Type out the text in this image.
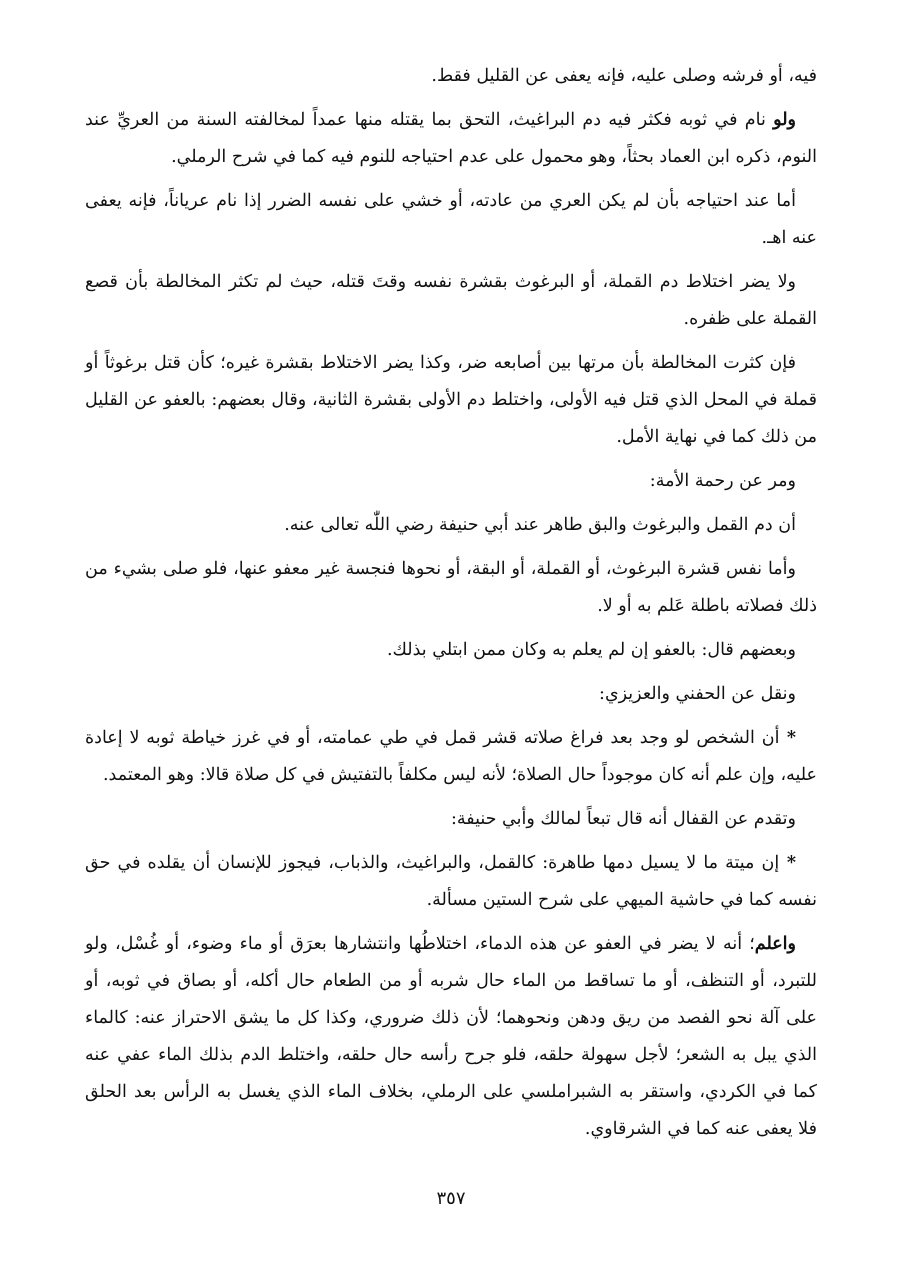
فيه، أو فرشه وصلى عليه، فإنه يعفى عن القليل فقط.

ولو نام في ثوبه فكثر فيه دم البراغيث، التحق بما يقتله منها عمداً لمخالفته السنة من العريِّ عند النوم، ذكره ابن العماد بحثاً، وهو محمول على عدم احتياجه للنوم فيه كما في شرح الرملي.

أما عند احتياجه بأن لم يكن العري من عادته، أو خشي على نفسه الضرر إذا نام عرياناً، فإنه يعفى عنه اهـ.

ولا يضر اختلاط دم القملة، أو البرغوث بقشرة نفسه وقتَ قتله، حيث لم تكثر المخالطة بأن قصع القملة على ظفره.

فإن كثرت المخالطة بأن مرتها بين أصابعه ضر، وكذا يضر الاختلاط بقشرة غيره؛ كأن قتل برغوثاً أو قملة في المحل الذي قتل فيه الأولى، واختلط دم الأولى بقشرة الثانية، وقال بعضهم: بالعفو عن القليل من ذلك كما في نهاية الأمل.

ومر عن رحمة الأمة:

أن دم القمل والبرغوث والبق طاهر عند أبي حنيفة رضي اللّٰه تعالى عنه.

وأما نفس قشرة البرغوث، أو القملة، أو البقة، أو نحوها فنجسة غير معفو عنها، فلو صلى بشيء من ذلك فصلاته باطلة عَلم به أو لا.

وبعضهم قال: بالعفو إن لم يعلم به وكان ممن ابتلي بذلك.

ونقل عن الحفني والعزيزي:

* أن الشخص لو وجد بعد فراغ صلاته قشر قمل في طي عمامته، أو في غرز خياطة ثوبه لا إعادة عليه، وإن علم أنه كان موجوداً حال الصلاة؛ لأنه ليس مكلفاً بالتفتيش في كل صلاة قالا: وهو المعتمد.

وتقدم عن القفال أنه قال تبعاً لمالك وأبي حنيفة:

* إن ميتة ما لا يسيل دمها طاهرة: كالقمل، والبراغيث، والذباب، فيجوز للإنسان أن يقلده في حق نفسه كما في حاشية الميهي على شرح الستين مسألة.

واعلم؛ أنه لا يضر في العفو عن هذه الدماء، اختلاطُها وانتشارها بعرَق أو ماء وضوء، أو غُسْل، ولو للتبرد، أو التنظف، أو ما تساقط من الماء حال شربه أو من الطعام حال أكله، أو بصاق في ثوبه، أو على آلة نحو الفصد من ريق ودهن ونحوهما؛ لأن ذلك ضروري، وكذا كل ما يشق الاحتراز عنه: كالماء الذي يبل به الشعر؛ لأجل سهولة حلقه، فلو جرح رأسه حال حلقه، واختلط الدم بذلك الماء عفي عنه كما في الكردي، واستقر به الشبراملسي على الرملي، بخلاف الماء الذي يغسل به الرأس بعد الحلق فلا يعفى عنه كما في الشرقاوي.

٣٥٧
